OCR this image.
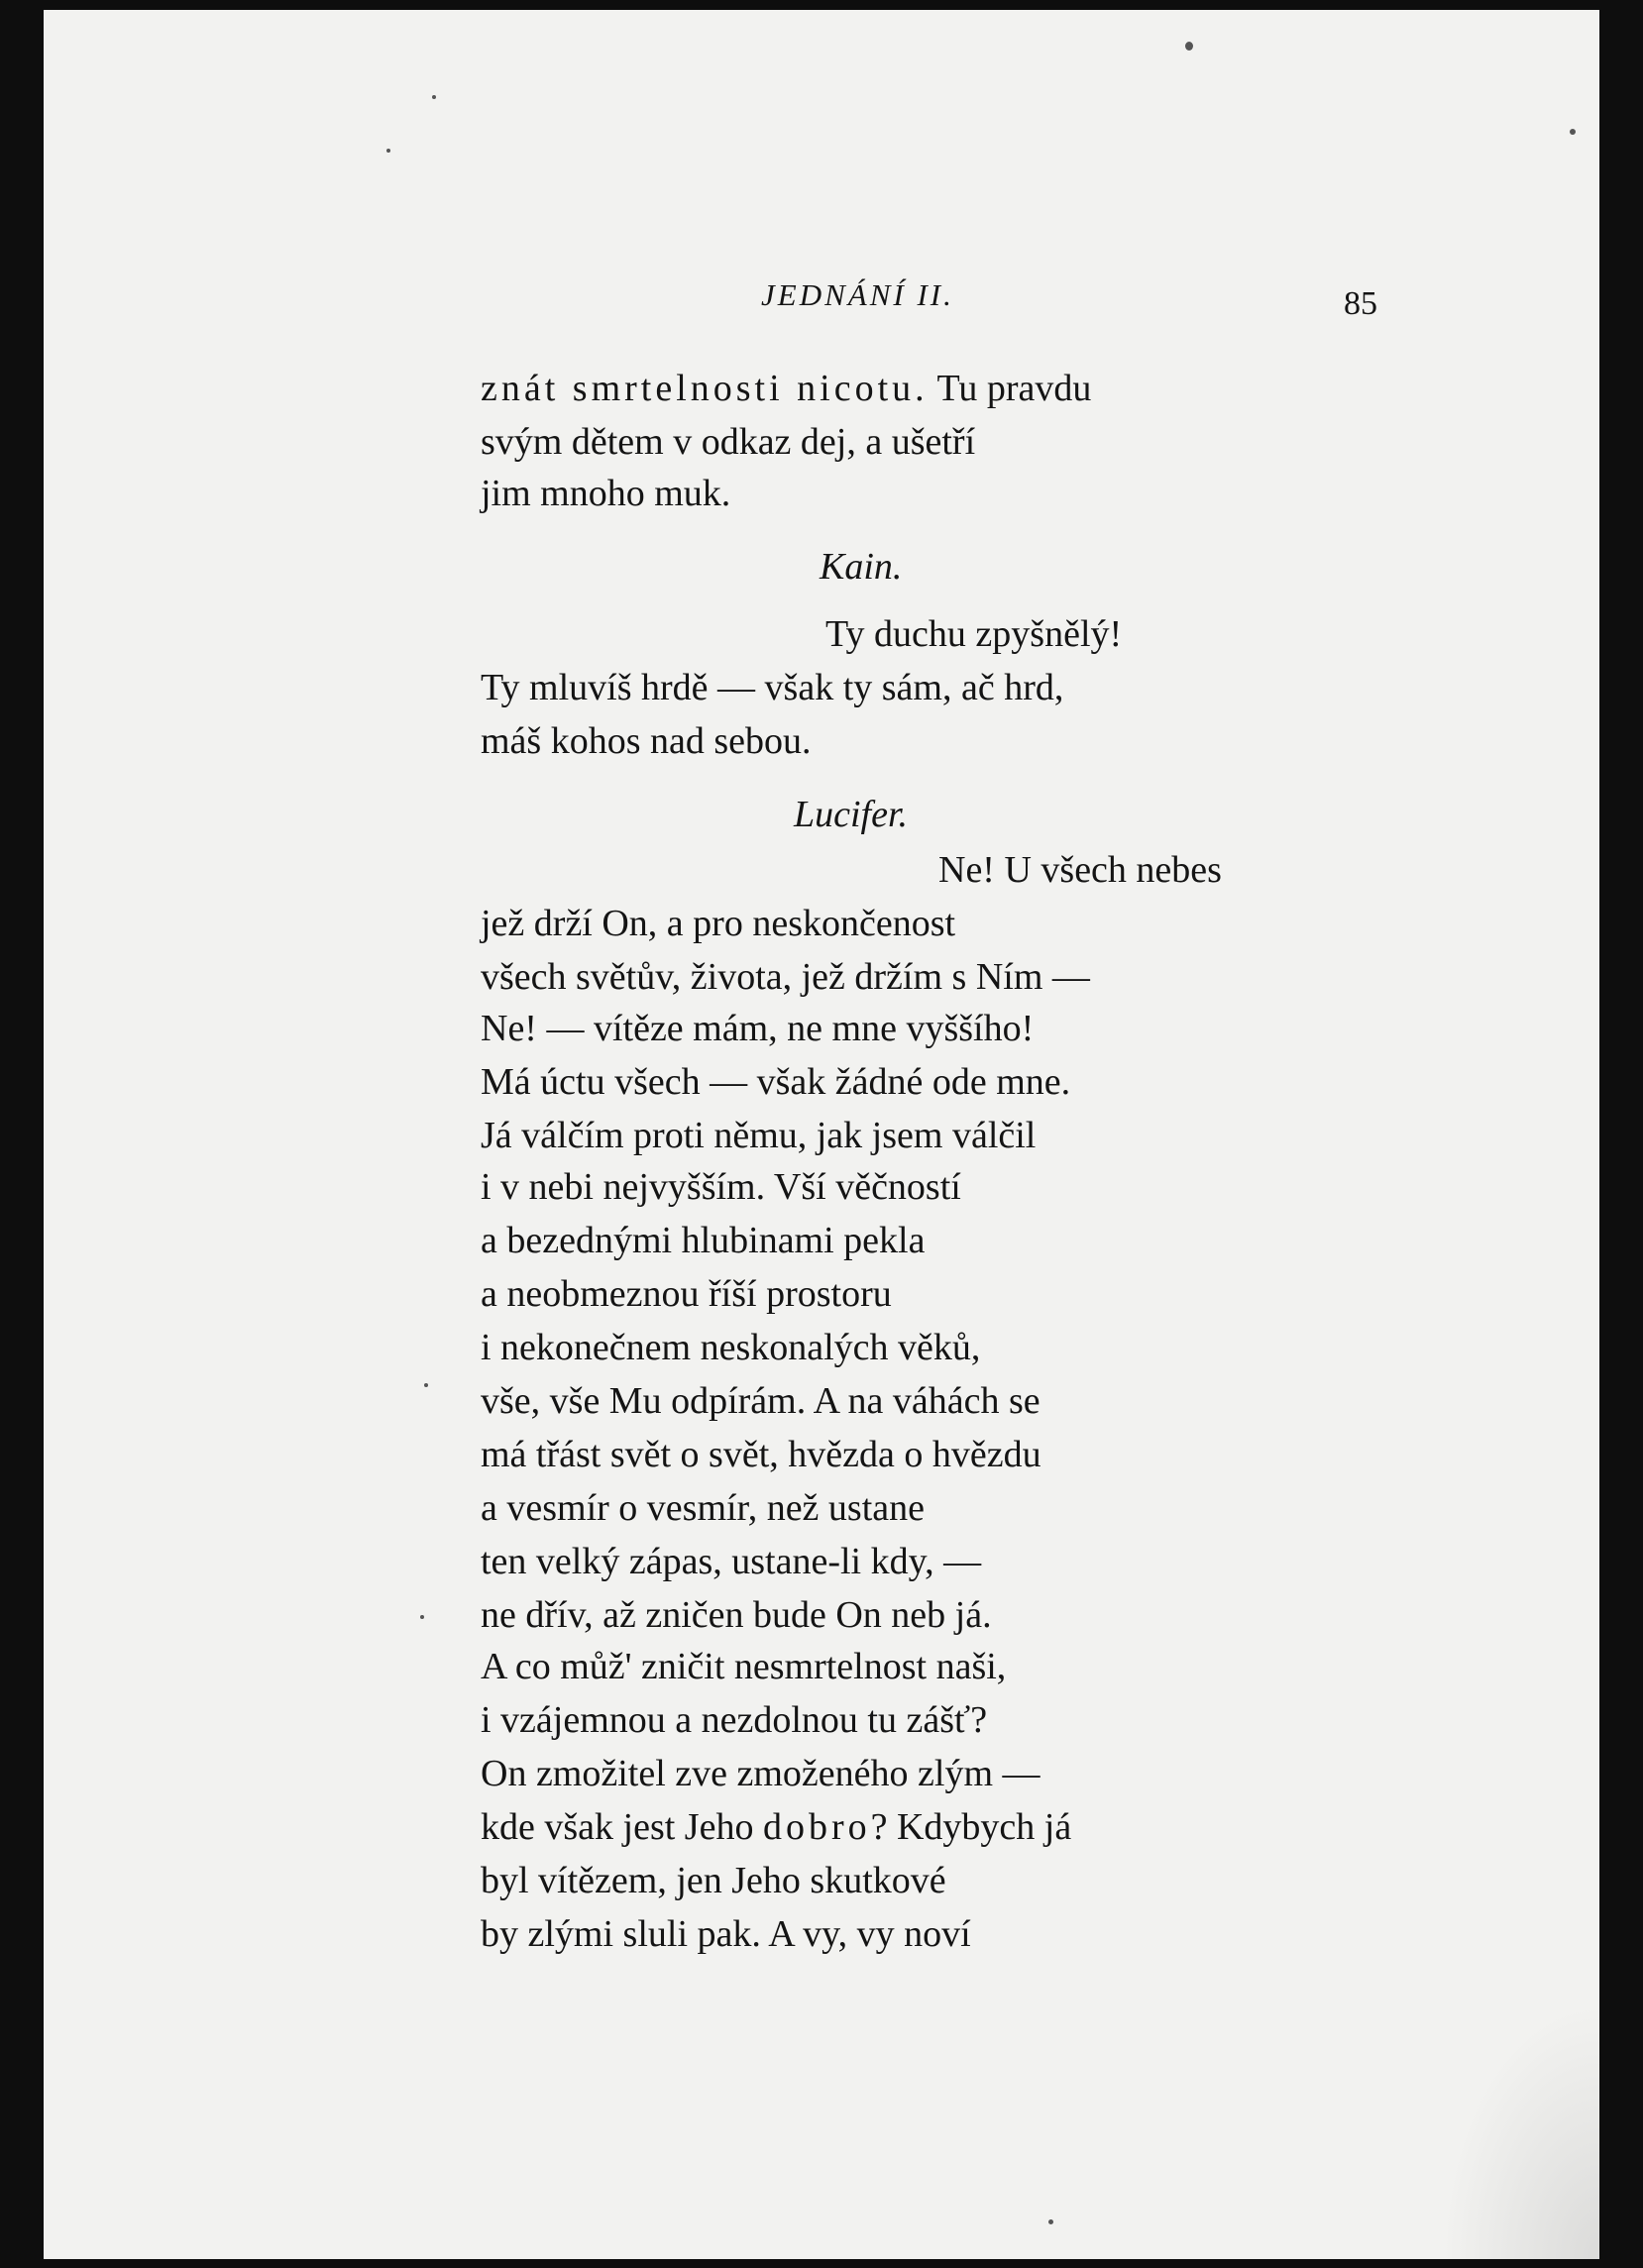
JEDNÁNÍ II.	85
znát smrtelnosti nicotu. Tu pravdu
svým dětem v odkaz dej, a ušetří
jim mnoho muk.
Kain.
Ty duchu zpyšnělý!
Ty mluvíš hrdě — však ty sám, ač hrd,
máš kohos nad sebou.
Lucifer.
Ne! U všech nebes
jež drží On, a pro neskončenost
všech světův, života, jež držím s Ním —
Ne! — vítěze mám, ne mne vyššího!
Má úctu všech — však žádné ode mne.
Já válčím proti němu, jak jsem válčil
i v nebi nejvyšším. Vší věčností
a bezednými hlubinami pekla
a neobmeznou říší prostoru
i nekonečnem neskonalých věků,
vše, vše Mu odpírám. A na váhách se
má třást svět o svět, hvězda o hvězdu
a vesmír o vesmír, než ustane
ten velký zápas, ustane-li kdy, —
ne dřív, až zničen bude On neb já.
A co můž' zničit nesmrtelnost naši,
i vzájemnou a nezdolnou tu zášť?
On zmožitel zve zmoženého zlým —
kde však jest Jeho dobro? Kdybych já
byl vítězem, jen Jeho skutkové
by zlými sluli pak. A vy, vy noví
